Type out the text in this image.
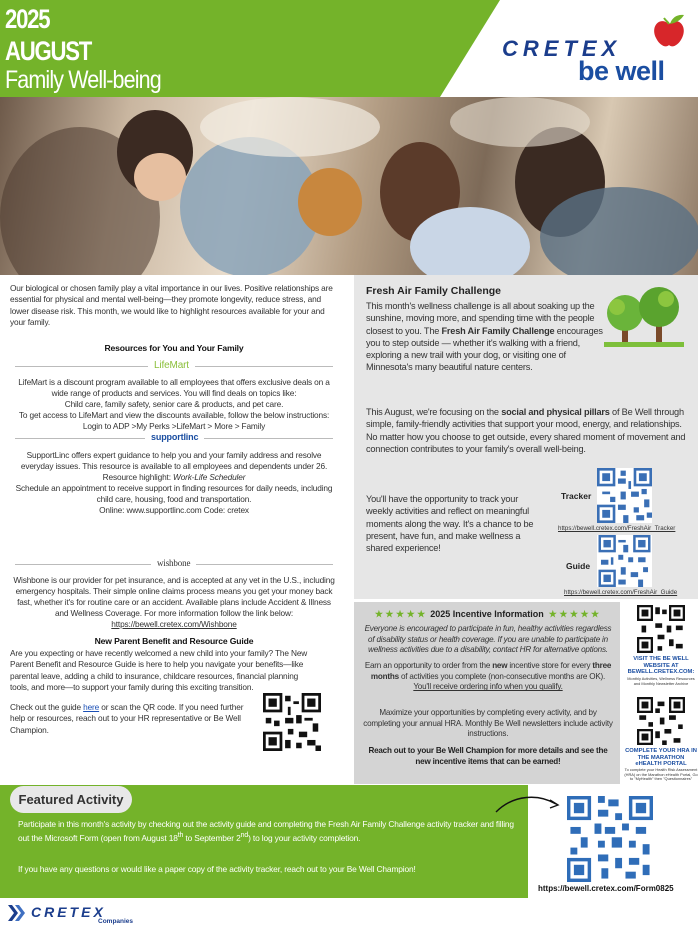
2025
AUGUST
Family Well-being
CRETEX
be well

Our biological or chosen family play a vital importance in our lives. Positive relationships are essential for physical and mental well-being—they promote longevity, reduce stress, and lower disease risk. This month, we would like to highlight resources available for your and your family.

Resources for You and Your Family
LifeMart
LifeMart is a discount program available to all employees that offers exclusive deals on a
wide range of products and services. You will find deals on topics like:
Child care, family safety, senior care & products, and pet care.
To get access to LifeMart and view the discounts available, follow the below instructions:
Login to ADP >My Perks >LifeMart > More > Family
supportlinc
SupportLinc offers expert guidance to help you and your family address and resolve
everyday issues. This resource is available to all employees and dependents under 26.
Resource highlight: Work-Life Scheduler
Schedule an appointment to receive support in finding resources for daily needs, including
child care, housing, food and transportation.
Online: www.supportlinc.com Code: cretex
wishbone
Wishbone is our provider for pet insurance, and is accepted at any vet in the U.S., including
emergency hospitals. Their simple online claims process means you get your money back
fast, whether it's for routine care or an accident. Available plans include Accident & Illness
and Wellness Coverage. For more information follow the link below:
https://bewell.cretex.com/Wishbone
New Parent Benefit and Resource Guide

Are you expecting or have recently welcomed a new child into your family? The New Parent Benefit and Resource Guide is here to help you navigate your benefits—like parental leave, adding a child to insurance, childcare resources, financial planning tools, and more—to support your family during this exciting transition.

Check out the guide here or scan the QR code. If you need further help or resources, reach out to your HR representative or Be Well Champion.

Fresh Air Family Challenge

This month's wellness challenge is all about soaking up the sunshine, moving more, and spending time with the people closest to you. The Fresh Air Family Challenge encourages you to step outside — whether it's walking with a friend, exploring a new trail with your dog, or visiting one of Minnesota's many beautiful nature centers.

This August, we're focusing on the social and physical pillars of Be Well through simple, family-friendly activities that support your mood, energy, and relationships. No matter how you choose to get outside, every shared moment of movement and connection contributes to your family's overall well-being.

You'll have the opportunity to track your weekly activities and reflect on meaningful moments along the way. It's a chance to be present, have fun, and make wellness a shared experience!

Tracker
https://bewell.cretex.com/FreshAir_Tracker
Guide
https://bewell.cretex.com/FreshAir_Guide
★ ★ ★ ★ ★ 2025 Incentive Information ★ ★ ★ ★ ★

Everyone is encouraged to participate in fun, healthy activities regardless of disability status or health coverage. If you are unable to participate in wellness activities due to a disability, contact HR for alternative options.

Earn an opportunity to order from the new incentive store for every three months of activities you complete (non-consecutive months are OK). You'll receive ordering info when you qualify.

Maximize your opportunities by completing every activity, and by completing your annual HRA. Monthly Be Well newsletters include activity instructions.

Reach out to your Be Well Champion for more details and see the new incentive items that can be earned!

VISIT THE BE WELL WEBSITE AT BEWELL.CRETEX.COM:
Monthly Activities, Wellness Resources and Monthly Newsletter Archive
COMPLETE YOUR HRA IN THE MARATHON eHEALTH PORTAL
To complete your Health Risk Assessment (HRA) on the Marathon eHealth Portal, Go to "MyHealth" then "Questionnaires"

Participate in this month's activity by checking out the activity guide and completing the Fresh Air Family Challenge activity tracker and filling out the Microsoft Form (open from August 18th to September 2nd) to log your activity completion.

If you have any questions or would like a paper copy of the activity tracker, reach out to your Be Well Champion!

Featured Activity
https://bewell.cretex.com/Form0825
CRETEX
Companies
